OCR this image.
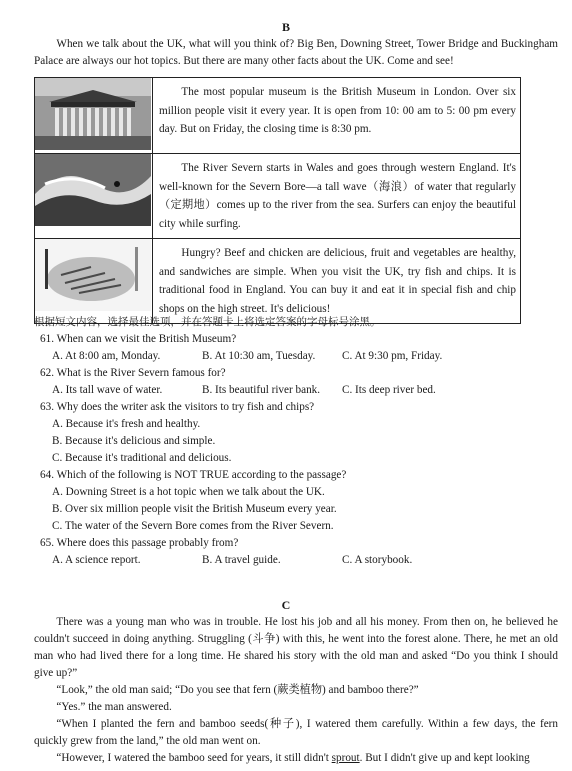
B
When we talk about the UK, what will you think of? Big Ben, Downing Street, Tower Bridge and Buckingham Palace are always our hot topics. But there are many other facts about the UK. Come and see!
	The most popular museum is the British Museum in London. Over six million people visit it every year. It is open from 10: 00 am to 5: 00 pm every day. But on Friday, the closing time is 8:30 pm.
	The River Severn starts in Wales and goes through western England. It's well-known for the Severn Bore—a tall wave（海浪）of water that regularly（定期地）comes up to the river from the sea. Surfers can enjoy the beautiful city while surfing.
	Hungry? Beef and chicken are delicious, fruit and vegetables are healthy, and sandwiches are simple. When you visit the UK, try fish and chips. It is traditional food in England. You can buy it and eat it in special fish and chip shops on the high street. It's delicious!
根据短文内容，选择最佳选项，并在答题卡上将选定答案的字母标号涂黑。
61. When can we visit the British Museum?
A. At 8:00 am, Monday.	B. At 10:30 am, Tuesday.	C. At 9:30 pm, Friday.
62. What is the River Severn famous for?
A. Its tall wave of water.	B. Its beautiful river bank.	C. Its deep river bed.
63. Why does the writer ask the visitors to try fish and chips?
A. Because it's fresh and healthy.
B. Because it's delicious and simple.
C. Because it's traditional and delicious.
64. Which of the following is NOT TRUE according to the passage?
A. Downing Street is a hot topic when we talk about the UK.
B. Over six million people visit the British Museum every year.
C. The water of the Severn Bore comes from the River Severn.
65. Where does this passage probably from?
A. A science report.	B. A travel guide.	C. A storybook.
C
There was a young man who was in trouble. He lost his job and all his money. From then on, he believed he couldn't succeed in doing anything. Struggling (斗争) with this, he went into the forest alone. There, he met an old man who had lived there for a long time. He shared his story with the old man and asked “Do you think I should give up?”
“Look,” the old man said; “Do you see that fern (蕨类植物) and bamboo there?”
“Yes.” the man answered.
“When I planted the fern and bamboo seeds(种子), I watered them carefully. Within a few days, the fern quickly grew from the land,” the old man went on.
“However, I watered the bamboo seed for years, it still didn't sprout. But I didn't give up and kept looking
